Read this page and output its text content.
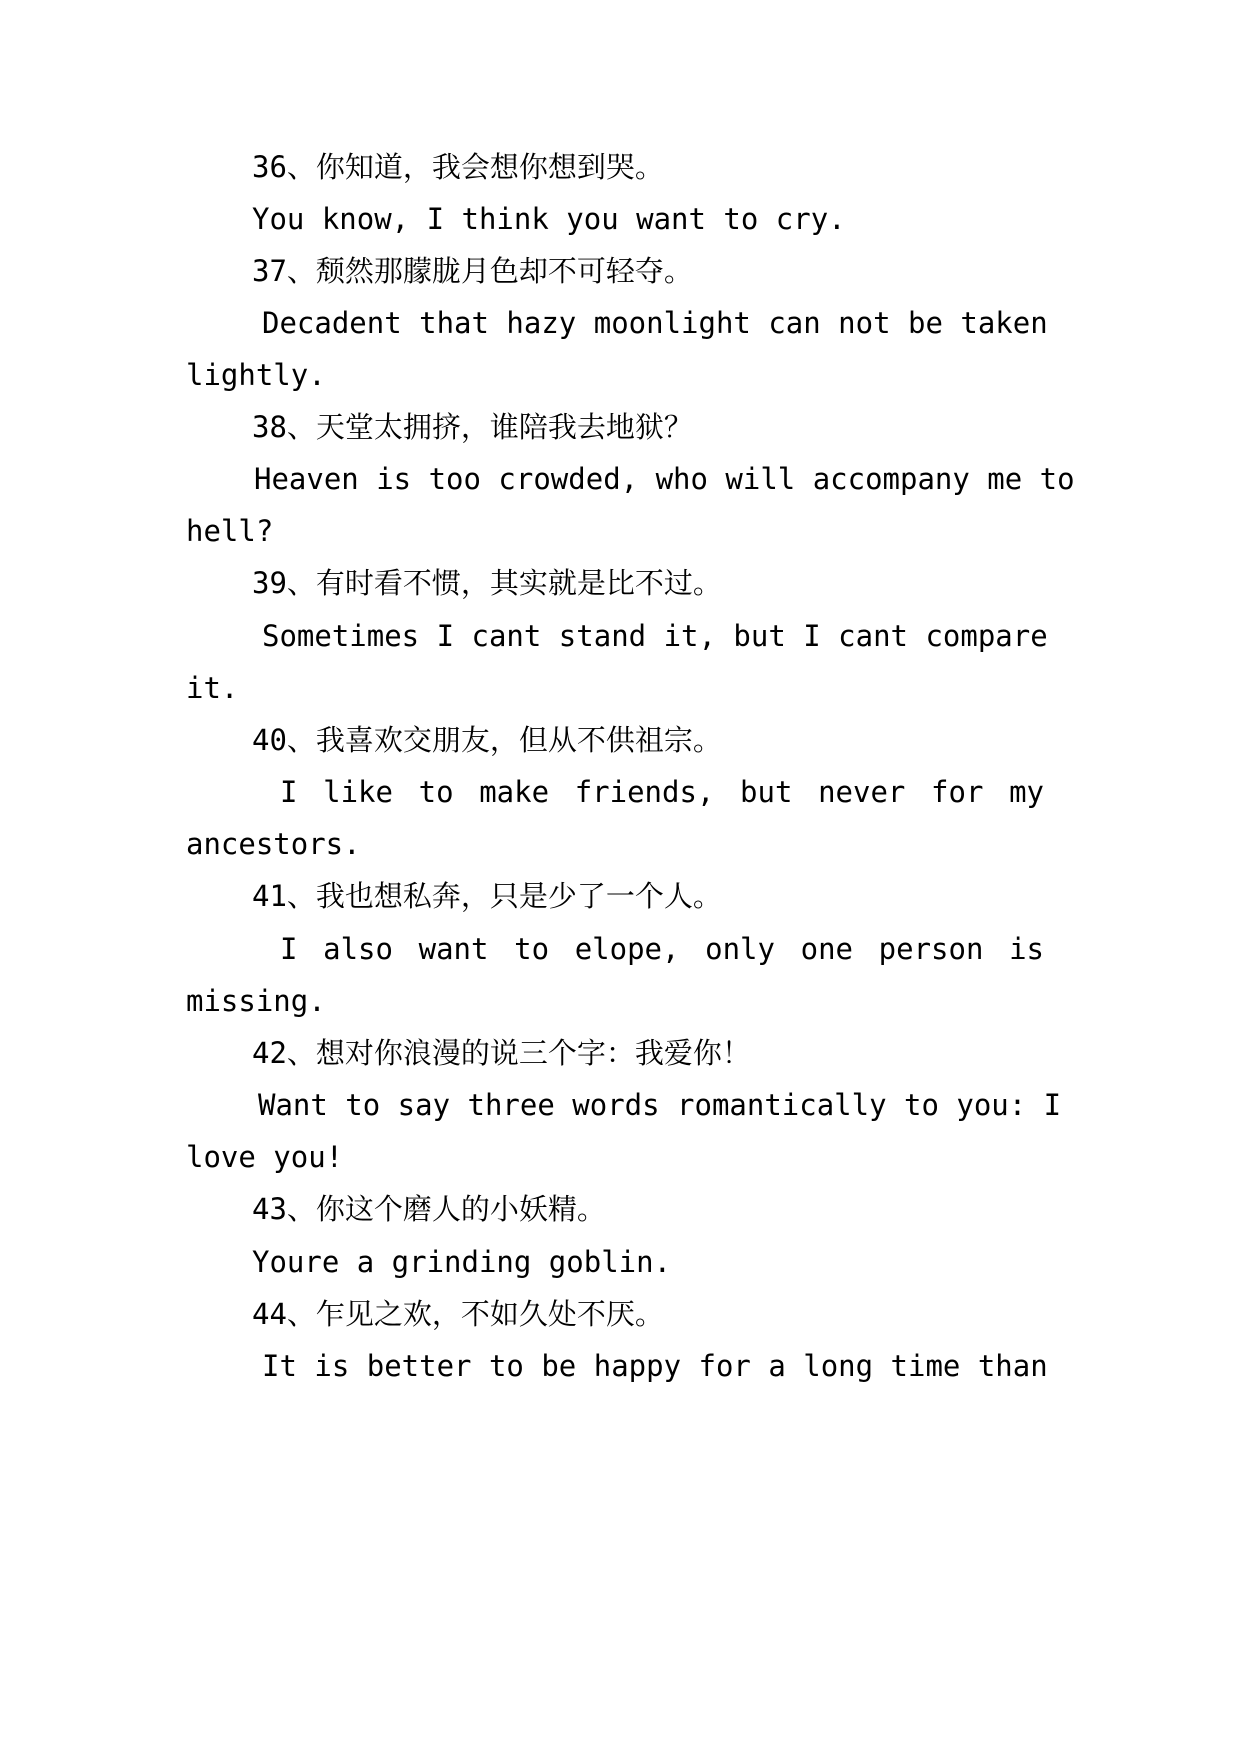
36、你知道，我会想你想到哭。
You know, I think you want to cry.
37、颓然那朦胧月色却不可轻夺。
Decadent that hazy moonlight can not be taken
lightly.
38、天堂太拥挤，谁陪我去地狱？
Heaven is too crowded, who will accompany me to
hell?
39、有时看不惯，其实就是比不过。
Sometimes I cant stand it, but I cant compare
it.
40、我喜欢交朋友，但从不供祖宗。
I like to make friends, but never for my
ancestors.
41、我也想私奔，只是少了一个人。
I also want to elope, only one person is
missing.
42、想对你浪漫的说三个字：我爱你！
Want to say three words romantically to you: I
love you!
43、你这个磨人的小妖精。
Youre a grinding goblin.
44、乍见之欢，不如久处不厌。
It is better to be happy for a long time than
